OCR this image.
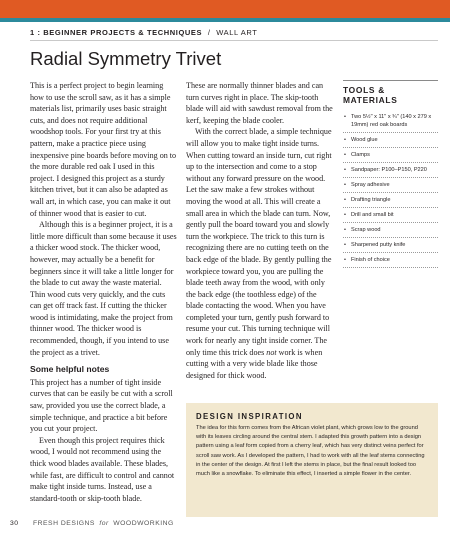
1 : BEGINNER PROJECTS & TECHNIQUES / WALL ART
Radial Symmetry Trivet

This is a perfect project to begin learning how to use the scroll saw, as it has a simple materials list, primarily uses basic straight cuts, and does not require additional woodshop tools. For your first try at this pattern, make a practice piece using inexpensive pine boards before moving on to the more durable red oak I used in this project. I designed this project as a sturdy kitchen trivet, but it can also be adapted as wall art, in which case, you can make it out of thinner wood that is easier to cut.

Although this is a beginner project, it is a little more difficult than some because it uses a thicker wood stock. The thicker wood, however, may actually be a benefit for beginners since it will take a little longer for the blade to cut away the waste material. Thin wood cuts very quickly, and the cuts can get off track fast. If cutting the thicker wood is intimidating, make the project from thinner wood. The thicker wood is recommended, though, if you intend to use the project as a trivet.

Some helpful notes

This project has a number of tight inside curves that can be easily be cut with a scroll saw, provided you use the correct blade, a simple technique, and practice a bit before you cut your project.

Even though this project requires thick wood, I would not recommend using the thick wood blades available. These blades, while fast, are difficult to control and cannot make tight inside turns. Instead, use a standard-tooth or skip-tooth blade.

These are normally thinner blades and can turn curves right in place. The skip-tooth blade will aid with sawdust removal from the kerf, keeping the blade cooler.

With the correct blade, a simple technique will allow you to make tight inside turns. When cutting toward an inside turn, cut right up to the intersection and come to a stop without any forward pressure on the wood. Let the saw make a few strokes without moving the wood at all. This will create a small area in which the blade can turn. Now, gently pull the board toward you and slowly turn the workpiece. The trick to this turn is recognizing there are no cutting teeth on the back edge of the blade. By gently pulling the workpiece toward you, you are pulling the blade teeth away from the wood, with only the back edge (the toothless edge) of the blade contacting the wood. When you have completed your turn, gently push forward to resume your cut. This turning technique will work for nearly any tight inside corner. The only time this trick does not work is when cutting with a very wide blade like those designed for thick wood.

TOOLS & MATERIALS
• Two 5½" x 11" x ¾" (140 x 279 x 19mm) red oak boards
• Wood glue
• Clamps
• Sandpaper: P100–P150, P220
• Spray adhesive
• Drafting triangle
• Drill and small bit
• Scrap wood
• Sharpened putty knife
• Finish of choice
DESIGN INSPIRATION

The idea for this form comes from the African violet plant, which grows low to the ground with its leaves circling around the central stem. I adapted this growth pattern into a design pattern using a leaf form copied from a cherry leaf, which has very distinct veins perfect for scroll saw work. As I developed the pattern, I had to work with all the leaf stems connecting in the center of the design. At first I left the stems in place, but the final result looked too much like a snowflake. To eliminate this effect, I inserted a simple flower in the center.

30 FRESH DESIGNS for WOODWORKING
